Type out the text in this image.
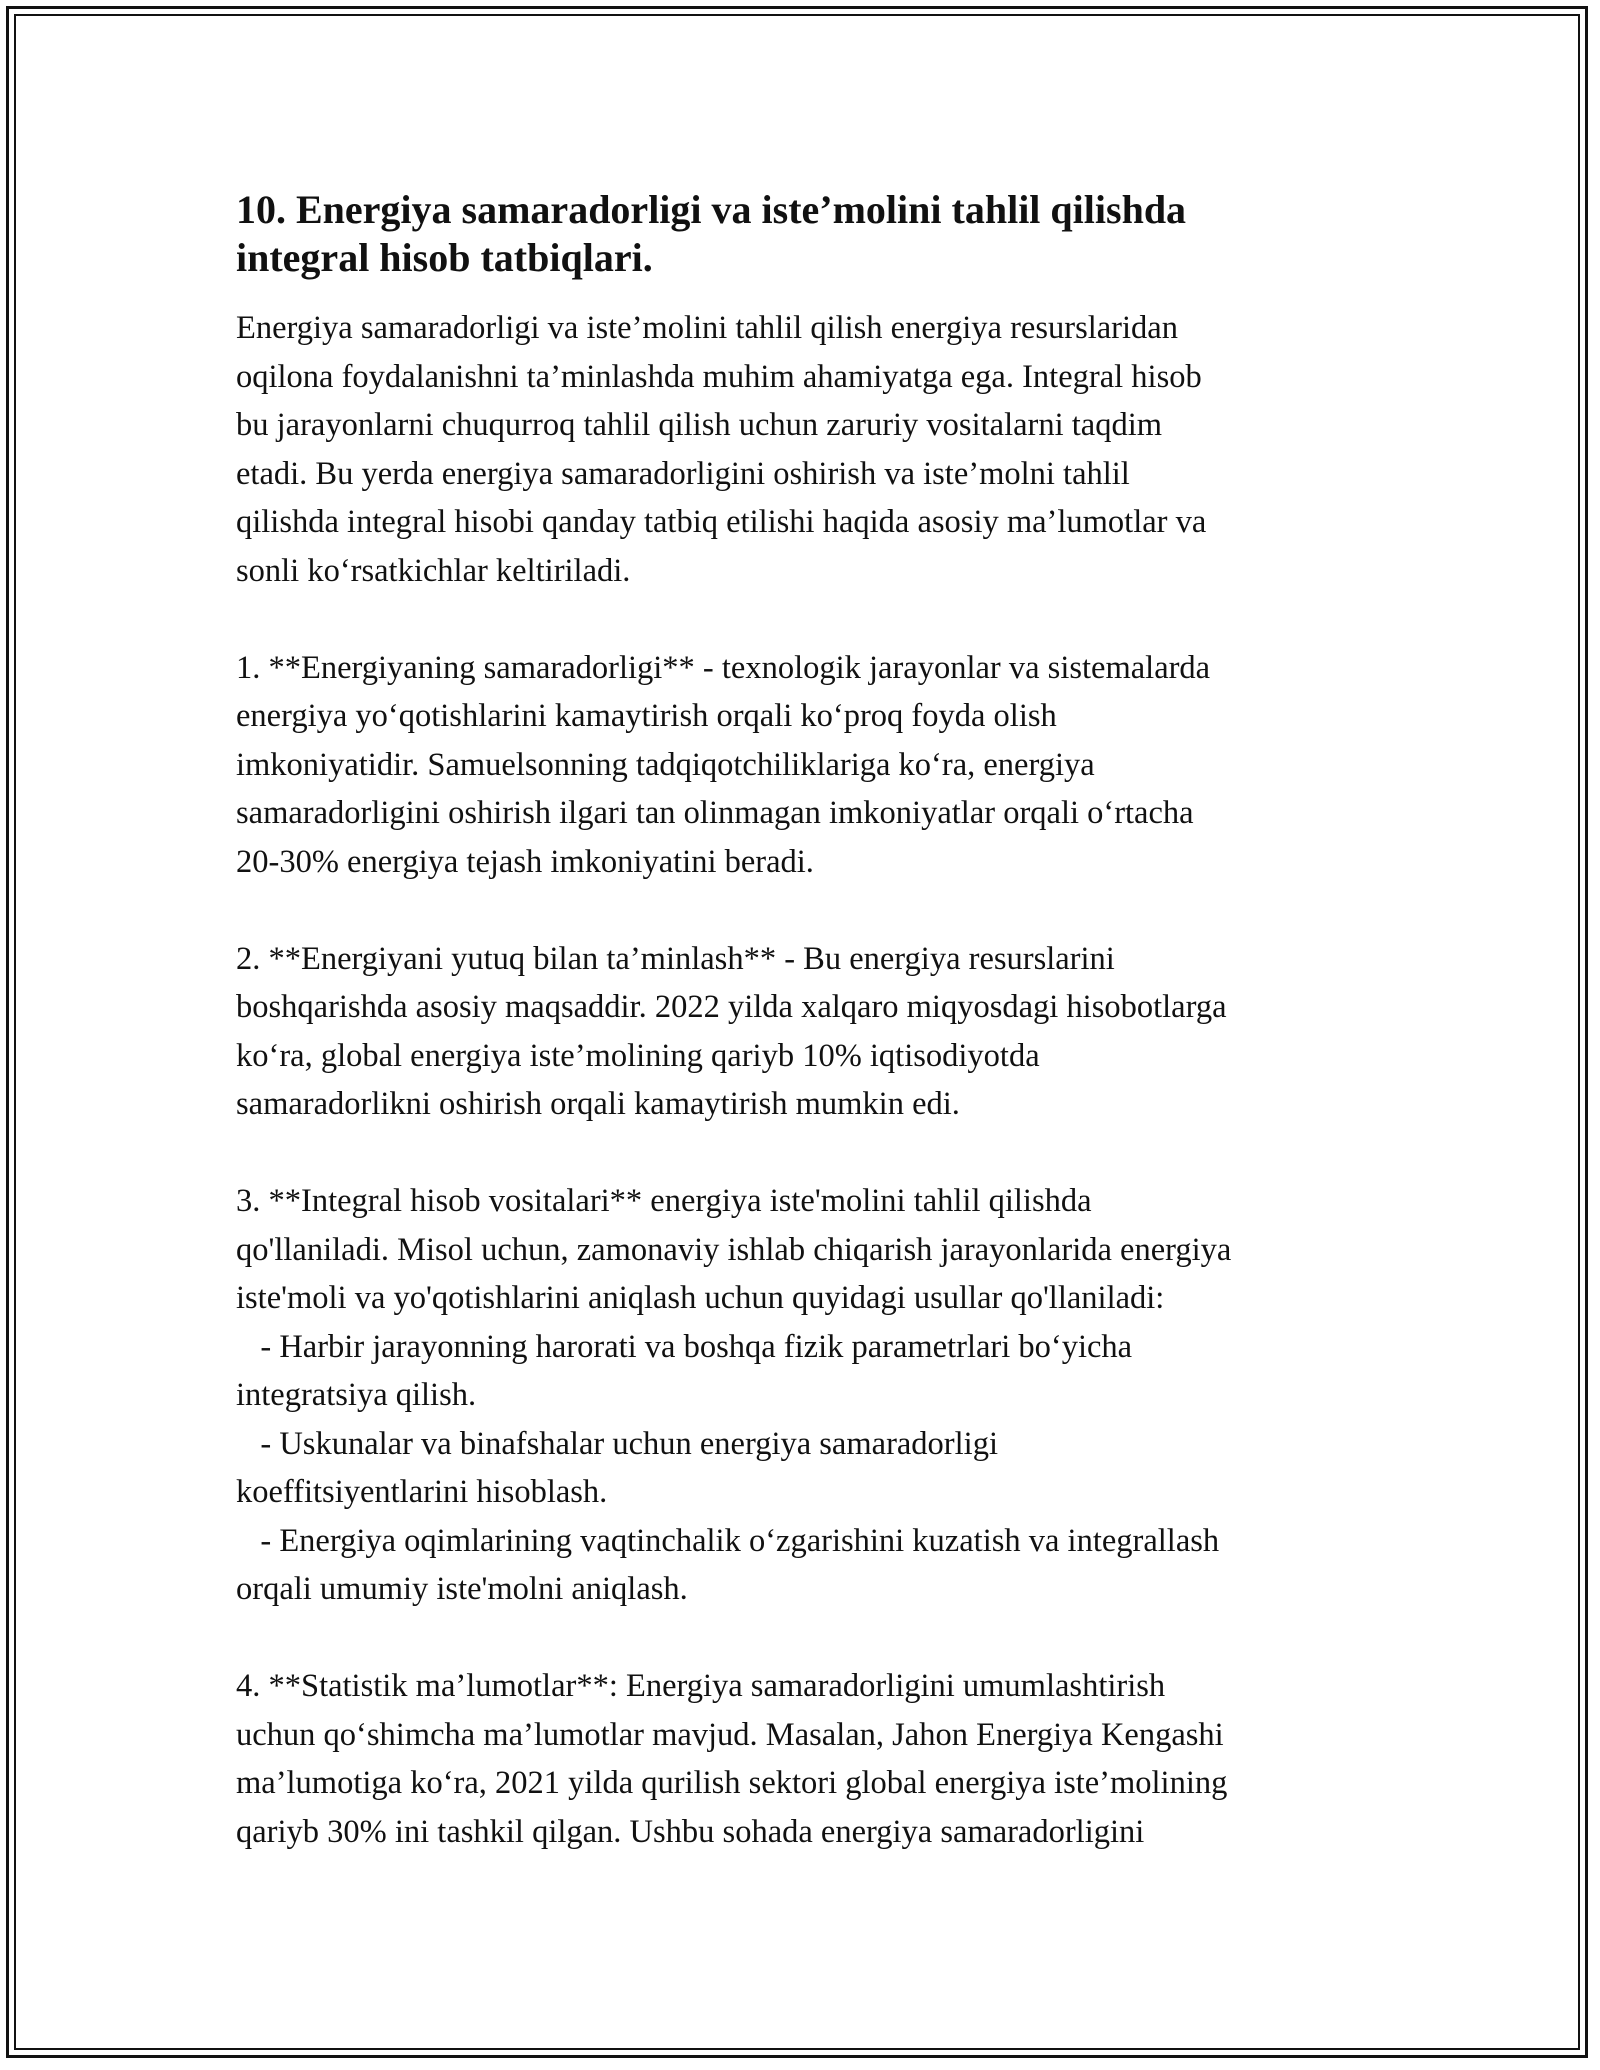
10. Energiya samaradorligi va iste’molini tahlil qilishda
integral hisob tatbiqlari.

Energiya samaradorligi va iste’molini tahlil qilish energiya resurslaridan
oqilona foydalanishni ta’minlashda muhim ahamiyatga ega. Integral hisob
bu jarayonlarni chuqurroq tahlil qilish uchun zaruriy vositalarni taqdim
etadi. Bu yerda energiya samaradorligini oshirish va iste’molni tahlil
qilishda integral hisobi qanday tatbiq etilishi haqida asosiy ma’lumotlar va
sonli ko‘rsatkichlar keltiriladi.

1. **Energiyaning samaradorligi** - texnologik jarayonlar va sistemalarda
energiya yo‘qotishlarini kamaytirish orqali ko‘proq foyda olish
imkoniyatidir. Samuelsonning tadqiqotchiliklariga ko‘ra, energiya
samaradorligini oshirish ilgari tan olinmagan imkoniyatlar orqali o‘rtacha
20-30% energiya tejash imkoniyatini beradi.

2. **Energiyani yutuq bilan ta’minlash** - Bu energiya resurslarini
boshqarishda asosiy maqsaddir. 2022 yilda xalqaro miqyosdagi hisobotlarga
ko‘ra, global energiya iste’molining qariyb 10% iqtisodiyotda
samaradorlikni oshirish orqali kamaytirish mumkin edi.

3. **Integral hisob vositalari** energiya iste'molini tahlil qilishda
qo'llaniladi. Misol uchun, zamonaviy ishlab chiqarish jarayonlarida energiya
iste'moli va yo'qotishlarini aniqlash uchun quyidagi usullar qo'llaniladi:
- Harbir jarayonning harorati va boshqa fizik parametrlari bo‘yicha
integratsiya qilish.
- Uskunalar va binafshalar uchun energiya samaradorligi
koeffitsiyentlarini hisoblash.
- Energiya oqimlarining vaqtinchalik o‘zgarishini kuzatish va integrallash
orqali umumiy iste'molni aniqlash.

4. **Statistik ma’lumotlar**: Energiya samaradorligini umumlashtirish
uchun qo‘shimcha ma’lumotlar mavjud. Masalan, Jahon Energiya Kengashi
ma’lumotiga ko‘ra, 2021 yilda qurilish sektori global energiya iste’molining
qariyb 30% ini tashkil qilgan. Ushbu sohada energiya samaradorligini
